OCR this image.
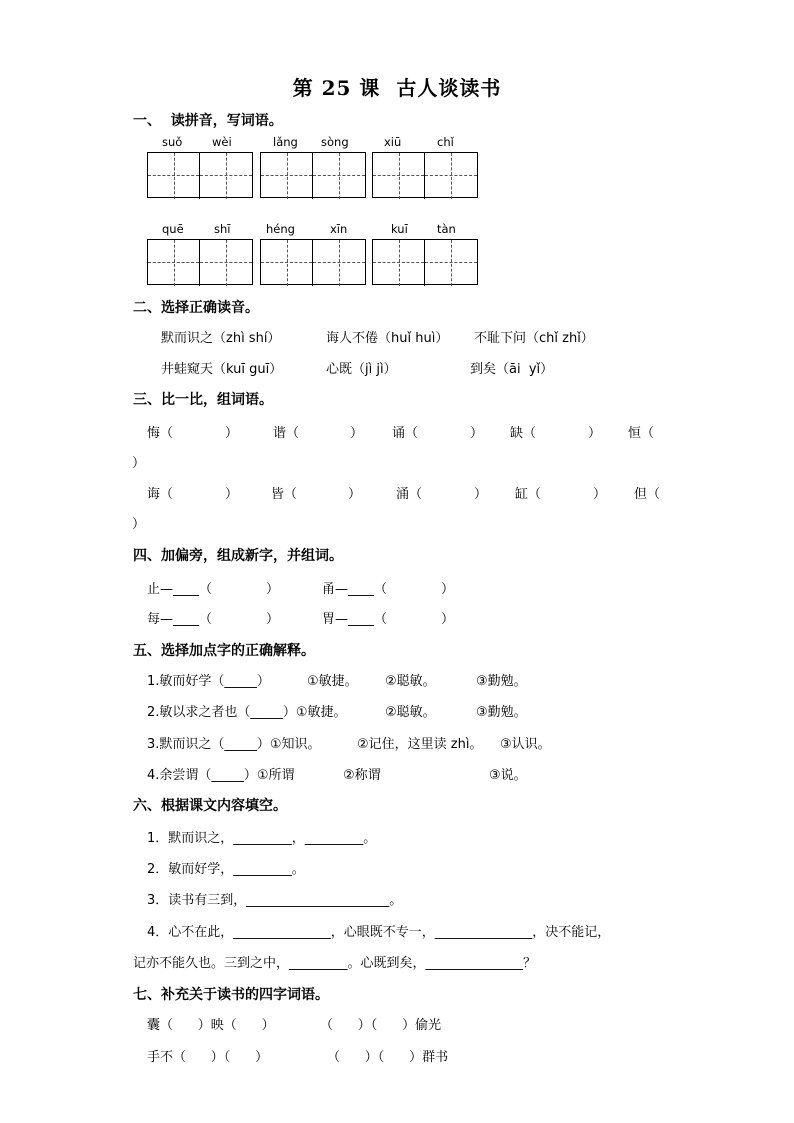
第 25 课  古人谈读书
一、  读拼音，写词语。
suǒ	wèi	lǎng sòng	xiū	chǐ
quē	shī	héng	xīn	kuī	tàn
二、选择正确读音。
默而识之（zhì shí）	诲人不倦（huǐ huì） 不耻下问（chǐ zhǐ）
井蛙窥天（kuī guī）	心既（jì jì）	到矣（āi  yǐ）
三、比一比，组词语。
悔（	）	谐（	） 诵（	） 缺（	） 恒（
）
诲（	）	皆（	）	涌（	） 缸（	） 但（
）
四、加偏旁，组成新字，并组词。
止—____（	）	甬—____（	）
每—____（	）	胃—____（	）
五、选择加点字的正确解释。
1.敏而好学（_____）	①敏捷。 ②聪敏。	③勤勉。
2.敏以求之者也（_____）①敏捷。	②聪敏。	③勤勉。
3.默而识之（_____）①知识。	②记住，这里读 zhì。 ③认识。
4.余尝谓（_____）①所谓	②称谓	③说。
六、根据课文内容填空。
1．默而识之，_________，_________。
2．敏而好学，_________。
3．读书有三到，______________________。
4．心不在此，_______________，心眼既不专一，_______________，决不能记，
记亦不能久也。三到之中，_________。心既到矣，_______________？
七、补充关于读书的四字词语。
囊（      ）映（      ）	（      ）（      ）偷光
手不（      ）（      ）	（      ）（      ）群书
